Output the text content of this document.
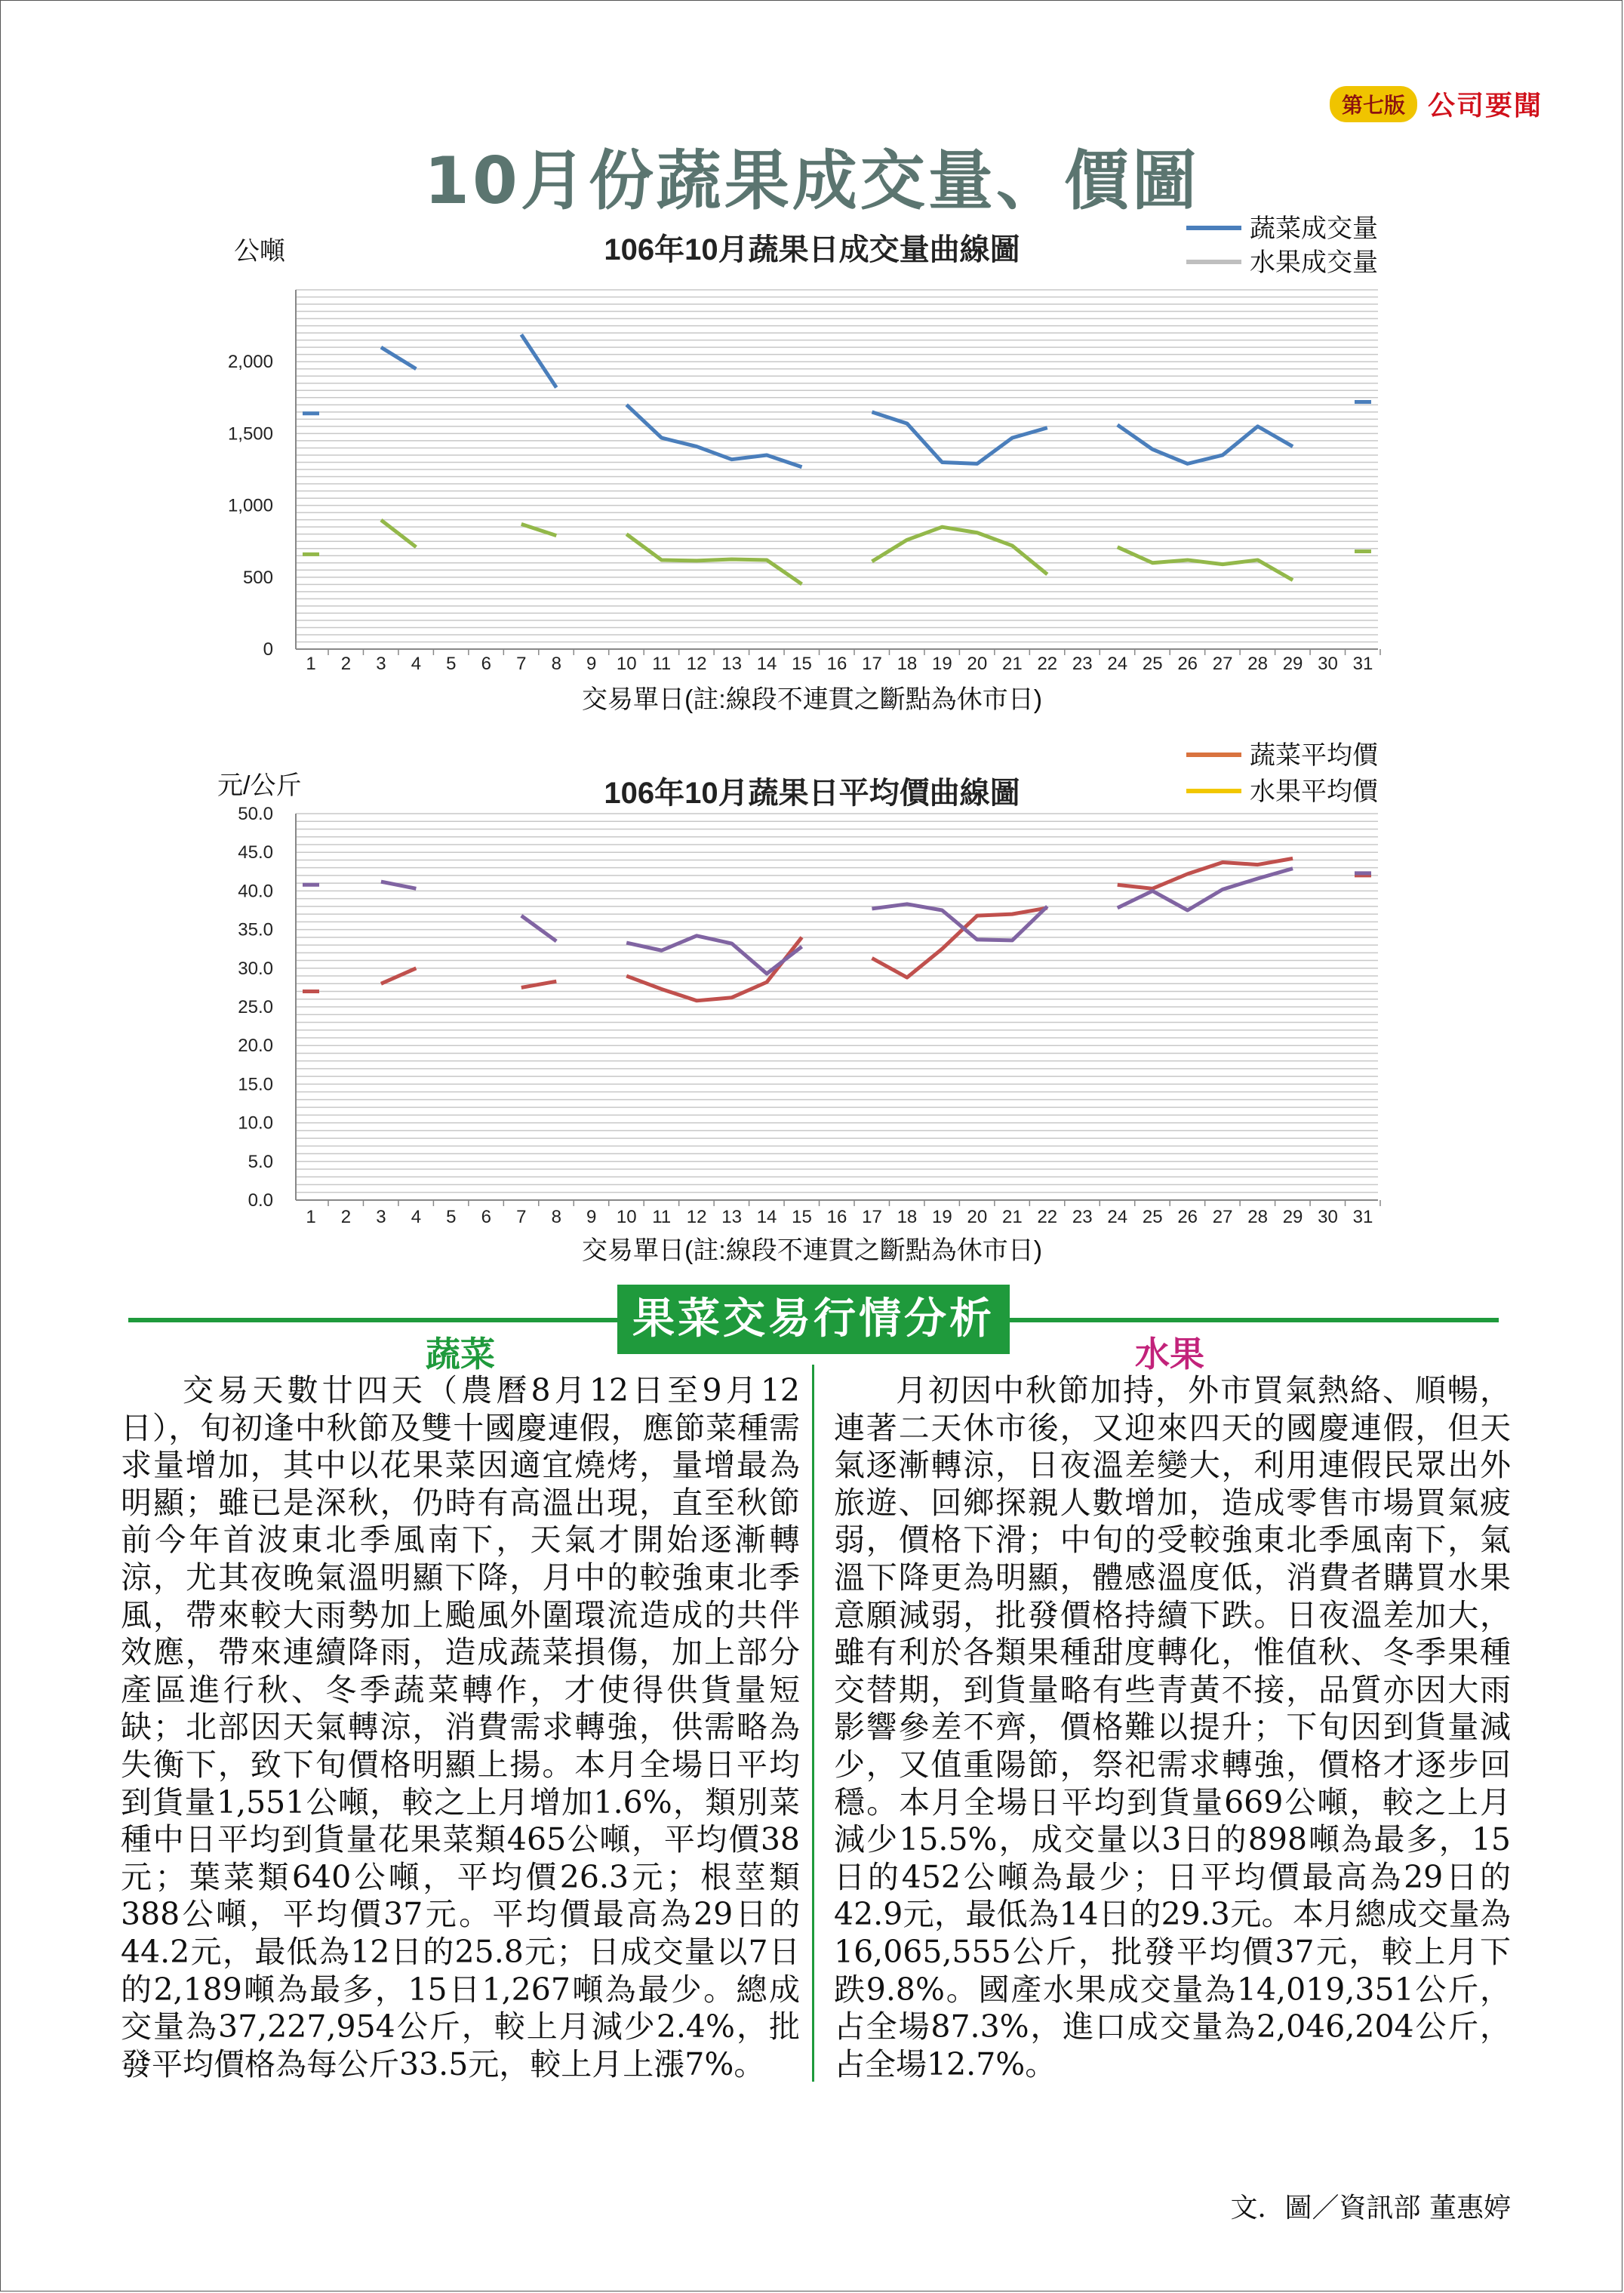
第七版 公司要聞
10月份蔬果成交量、價圖
0
500
1,000
1,500
2,000
1 2 3 4 5 6 7 8 9 10 11 12 13 14 15 16 17 18 19 20 21 22 23 24 25 26 27 28 29 30 31
106年10月蔬果日成交量曲線圖
公噸
交易單日(註:線段不連貫之斷點為休市日)
蔬菜成交量
水果成交量
0.0
5.0
10.0
15.0
20.0
25.0
30.0
35.0
40.0
45.0
50.0
1 2 3 4 5 6 7 8 9 10 11 12 13 14 15 16 17 18 19 20 21 22 23 24 25 26 27 28 29 30 31
106年10月蔬果日平均價曲線圖
元/公斤
交易單日(註:線段不連貫之斷點為休市日)
蔬菜平均價
水果平均價
果菜交易行情分析
蔬菜	水果

交易天數廿四天（農曆8月12日至9月12日），旬初逢中秋節及雙十國慶連假，應節菜種需求量增加，其中以花果菜因適宜燒烤，量增最為明顯；雖已是深秋，仍時有高溫出現，直至秋節前今年首波東北季風南下，天氣才開始逐漸轉涼，尤其夜晚氣溫明顯下降，月中的較強東北季風，帶來較大雨勢加上颱風外圍環流造成的共伴效應，帶來連續降雨，造成蔬菜損傷，加上部分產區進行秋、冬季蔬菜轉作，才使得供貨量短缺；北部因天氣轉涼，消費需求轉強，供需略為失衡下，致下旬價格明顯上揚。本月全場日平均到貨量1,551公噸，較之上月增加1.6%，類別菜種中日平均到貨量花果菜類465公噸，平均價38元；葉菜類640公噸，平均價26.3元；根莖類388公噸，平均價37元。平均價最高為29日的44.2元，最低為12日的25.8元；日成交量以7日的2,189噸為最多，15日1,267噸為最少。總成交量為37,227,954公斤，較上月減少2.4%，批發平均價格為每公斤33.5元，較上月上漲7%。

月初因中秋節加持，外市買氣熱絡、順暢，連著二天休市後，又迎來四天的國慶連假，但天氣逐漸轉涼，日夜溫差變大，利用連假民眾出外旅遊、回鄉探親人數增加，造成零售市場買氣疲弱，價格下滑；中旬的受較強東北季風南下，氣溫下降更為明顯，體感溫度低，消費者購買水果意願減弱，批發價格持續下跌。日夜溫差加大，雖有利於各類果種甜度轉化，惟值秋、冬季果種交替期，到貨量略有些青黃不接，品質亦因大雨影響參差不齊，價格難以提升；下旬因到貨量減少，又值重陽節，祭祀需求轉強，價格才逐步回穩。本月全場日平均到貨量669公噸，較之上月減少15.5%，成交量以3日的898噸為最多，15日的452公噸為最少；日平均價最高為29日的42.9元，最低為14日的29.3元。本月總成交量為16,065,555公斤，批發平均價37元，較上月下跌9.8%。國產水果成交量為14,019,351公斤，占全場87.3%，進口成交量為2,046,204公斤，占全場12.7%。

文．圖／資訊部 董惠婷
